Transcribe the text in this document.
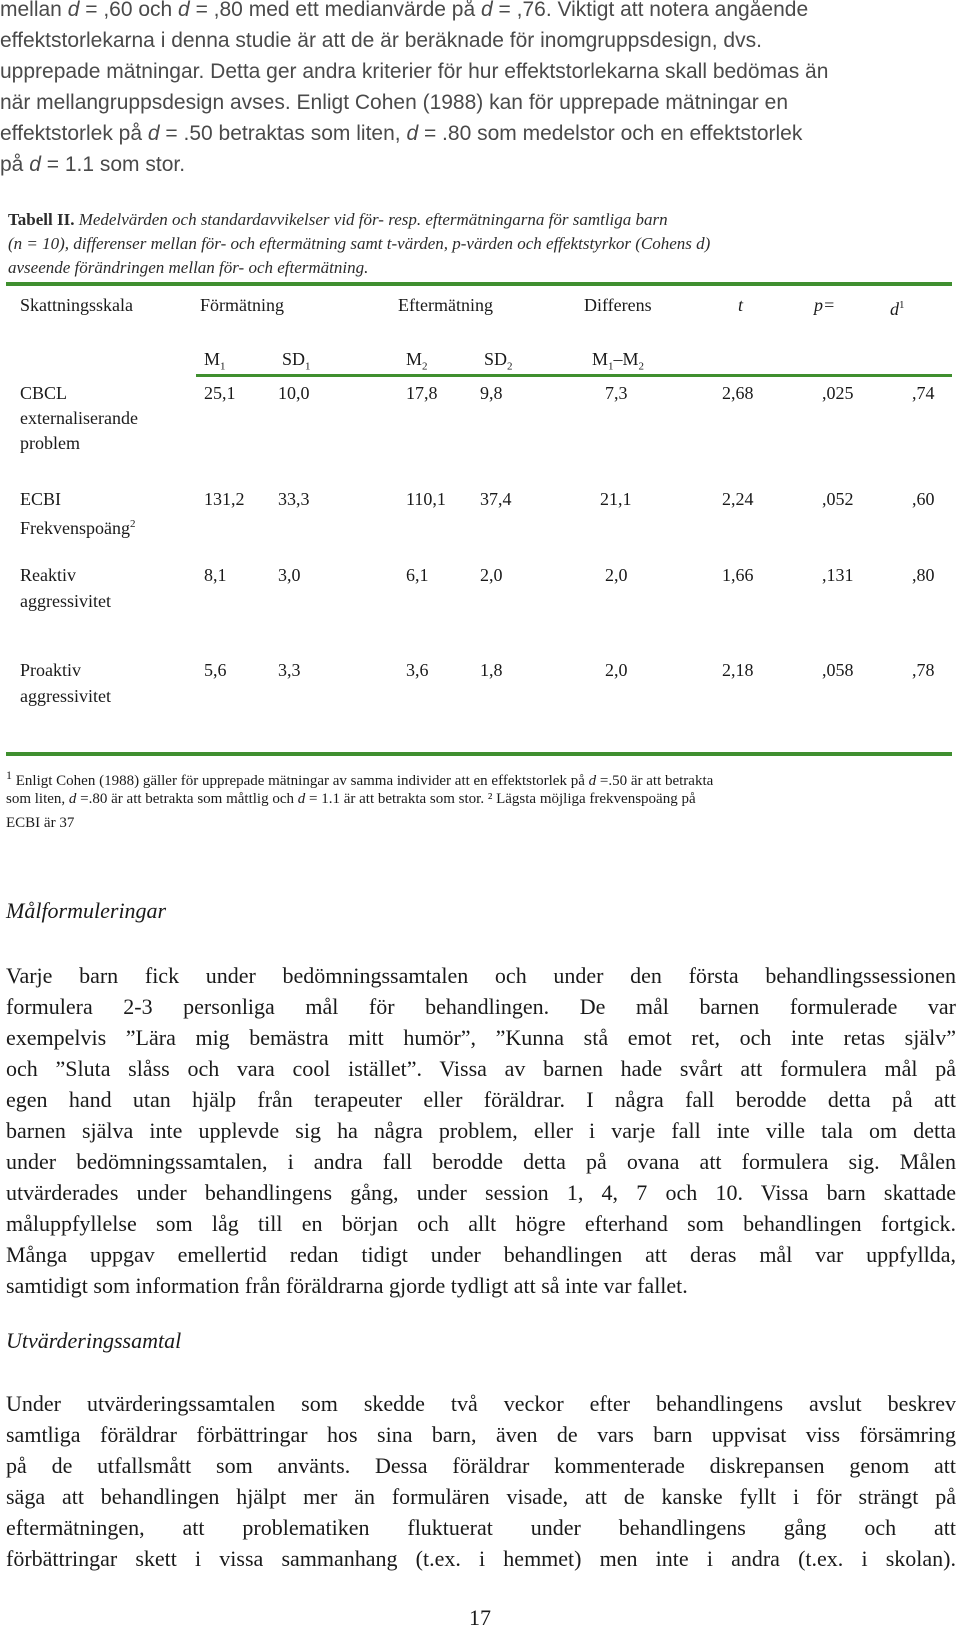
mellan d = ,60 och d = ,80 med ett medianvärde på d = ,76. Viktigt att notera angående
effektstorlekarna i denna studie är att de är beräknade för inomgruppsdesign, dvs.
upprepade mätningar. Detta ger andra kriterier för hur effektstorlekarna skall bedömas än
när mellangruppsdesign avses. Enligt Cohen (1988) kan för upprepade mätningar en
effektstorlek på d = .50 betraktas som liten, d = .80 som medelstor och en effektstorlek
på d = 1.1 som stor.
Tabell II. Medelvärden och standardavvikelser vid för- resp. eftermätningarna för samtliga barn
(n = 10), differenser mellan för- och eftermätning samt t-värden, p-värden och effektstyrkor (Cohens d)
avseende förändringen mellan för- och eftermätning.
Skattningsskala	Förmätning	Eftermätning	Differens	t	p=	$d^1$
$M_1$	$SD_1$	$M_2$	$SD_2$	$M_1-M_2$
CBCL
externaliserande
problem
25,1 10,0	17,8 9,8	7,3	2,68	,025	,74
ECBI
Frekvenspoäng$^2$
131,2 33,3	110,1 37,4	21,1	2,24	,052	,60
Reaktiv
aggressivitet
8,1	3,0	6,1	2,0	2,0	1,66	,131	,80
Proaktiv
aggressivitet
5,6	3,3	3,6	1,8	2,0	2,18	,058	,78
$^1$ Enligt Cohen (1988) gäller för upprepade mätningar av samma individer att en effektstorlek på d =.50 är att betrakta
som liten, d =.80 är att betrakta som måttlig och d = 1.1 är att betrakta som stor. ² Lägsta möjliga frekvenspoäng på
ECBI är 37
Målformuleringar
Varje barn fick under bedömningssamtalen och under den första behandlingssessionen
formulera 2-3 personliga mål för behandlingen. De mål barnen formulerade var
exempelvis ”Lära mig bemästra mitt humör”, ”Kunna stå emot ret, och inte retas själv”
och ”Sluta slåss och vara cool istället”. Vissa av barnen hade svårt att formulera mål på
egen hand utan hjälp från terapeuter eller föräldrar. I några fall berodde detta på att
barnen själva inte upplevde sig ha några problem, eller i varje fall inte ville tala om detta
under bedömningssamtalen, i andra fall berodde detta på ovana att formulera sig. Målen
utvärderades under behandlingens gång, under session 1, 4, 7 och 10. Vissa barn skattade
måluppfyllelse som låg till en början och allt högre efterhand som behandlingen fortgick.
Många uppgav emellertid redan tidigt under behandlingen att deras mål var uppfyllda,
samtidigt som information från föräldrarna gjorde tydligt att så inte var fallet.
Utvärderingssamtal
Under utvärderingssamtalen som skedde två veckor efter behandlingens avslut beskrev
samtliga föräldrar förbättringar hos sina barn, även de vars barn uppvisat viss försämring
på de utfallsmått som använts. Dessa föräldrar kommenterade diskrepansen genom att
säga att behandlingen hjälpt mer än formulären visade, att de kanske fyllt i för strängt på
eftermätningen, att problematiken fluktuerat under behandlingens gång och att
förbättringar skett i vissa sammanhang (t.ex. i hemmet) men inte i andra (t.ex. i skolan).
17
